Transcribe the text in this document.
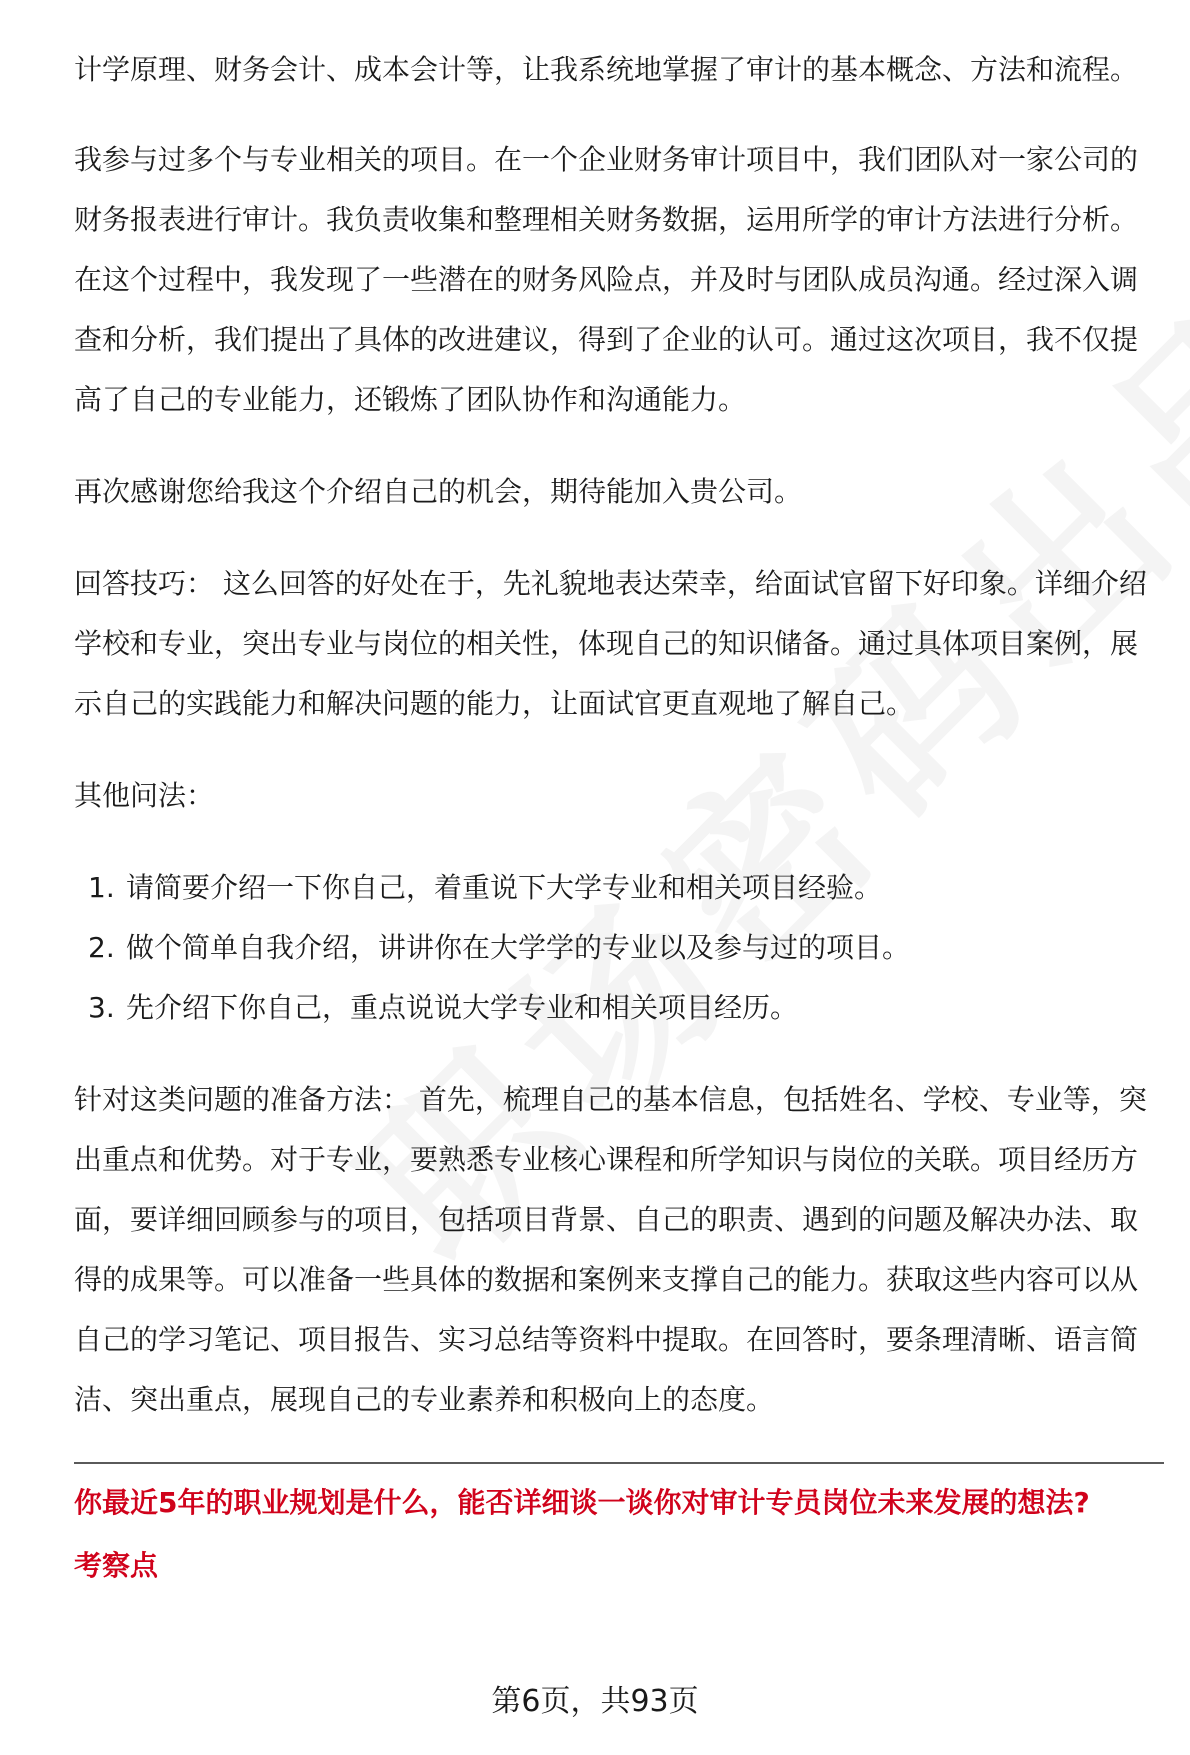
计学原理、财务会计、成本会计等，让我系统地掌握了审计的基本概念、方法和流程。

我参与过多个与专业相关的项目。在一个企业财务审计项目中，我们团队对一家公司的财务报表进行审计。我负责收集和整理相关财务数据，运用所学的审计方法进行分析。在这个过程中，我发现了一些潜在的财务风险点，并及时与团队成员沟通。经过深入调查和分析，我们提出了具体的改进建议，得到了企业的认可。通过这次项目，我不仅提高了自己的专业能力，还锻炼了团队协作和沟通能力。

再次感谢您给我这个介绍自己的机会，期待能加入贵公司。

回答技巧： 这么回答的好处在于，先礼貌地表达荣幸，给面试官留下好印象。详细介绍学校和专业，突出专业与岗位的相关性，体现自己的知识储备。通过具体项目案例，展示自己的实践能力和解决问题的能力，让面试官更直观地了解自己。

其他问法：

1. 请简要介绍一下你自己，着重说下大学专业和相关项目经验。
2. 做个简单自我介绍，讲讲你在大学学的专业以及参与过的项目。
3. 先介绍下你自己，重点说说大学专业和相关项目经历。

针对这类问题的准备方法： 首先，梳理自己的基本信息，包括姓名、学校、专业等，突出重点和优势。对于专业，要熟悉专业核心课程和所学知识与岗位的关联。项目经历方面，要详细回顾参与的项目，包括项目背景、自己的职责、遇到的问题及解决办法、取得的成果等。可以准备一些具体的数据和案例来支撑自己的能力。获取这些内容可以从自己的学习笔记、项目报告、实习总结等资料中提取。在回答时，要条理清晰、语言简洁、突出重点，展现自己的专业素养和积极向上的态度。

你最近5年的职业规划是什么，能否详细谈一谈你对审计专员岗位未来发展的想法?
考察点
第6页，共93页
